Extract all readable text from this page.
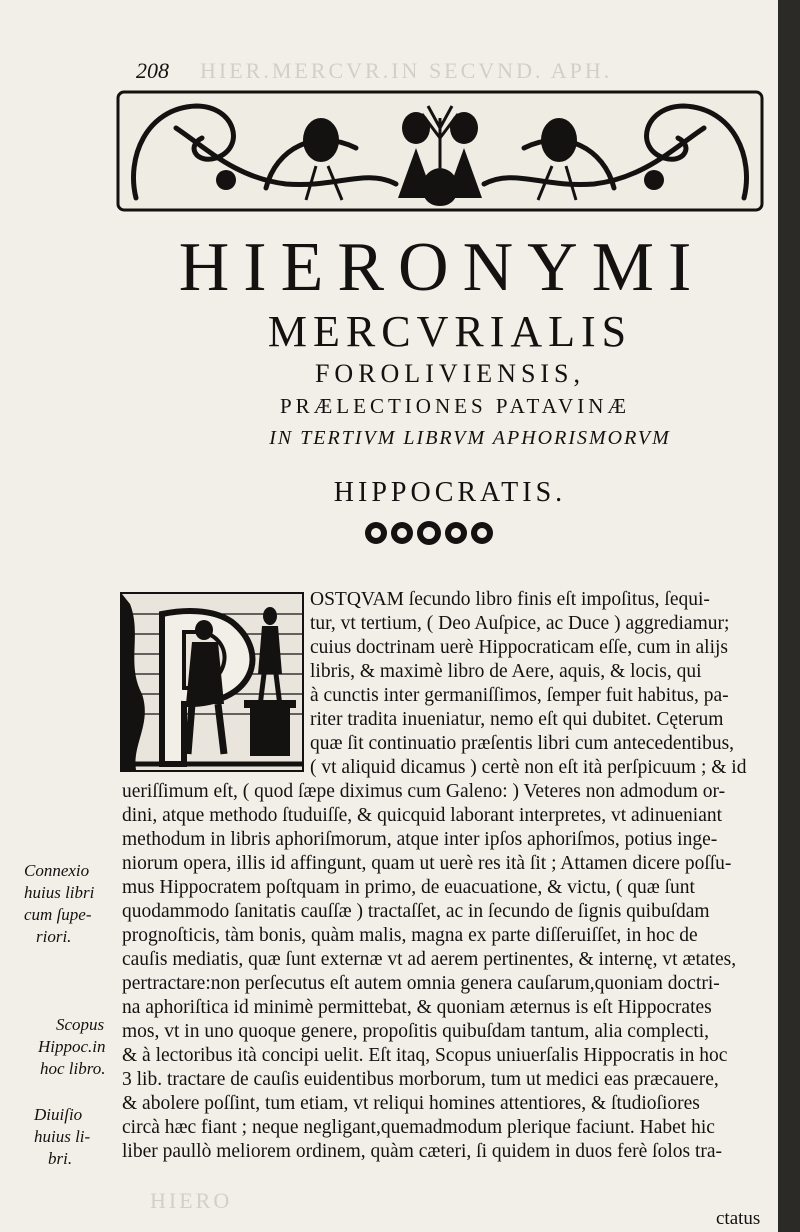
HIER.MERCVR.IN SECVND. APH.
HIERO
208
HIERONYMI
MERCVRIALIS
FOROLIVIENSIS,
PRÆLECTIONES PATAVINÆ
IN TERTIVM LIBRVM APHORISMORVM
HIPPOCRATIS.
OSTQVAM ſecundo libro finis eſt impoſitus, ſequi-
tur, vt tertium, ( Deo Auſpice, ac Duce ) aggrediamur;
cuius doctrinam uerè Hippocraticam eſſe, cum in alijs
libris, & maximè libro de Aere, aquis, & locis, qui
à cunctis inter germaniſſimos, ſemper fuit habitus, pa-
riter tradita inueniatur, nemo eſt qui dubitet. Cęterum
quæ ſit continuatio præſentis libri cum antecedentibus,
( vt aliquid dicamus ) certè non eſt ità perſpicuum ; & id
ueriſſimum eſt, ( quod ſæpe diximus cum Galeno: ) Veteres non admodum or-
dini, atque methodo ſtuduiſſe, & quicquid laborant interpretes, vt adinueniant
methodum in libris aphoriſmorum, atque inter ipſos aphoriſmos, potius inge-
niorum opera, illis id affingunt, quam ut uerè res ità ſit ; Attamen dicere poſſu-
mus Hippocratem poſtquam in primo, de euacuatione, & victu, ( quæ ſunt
quodammodo ſanitatis cauſſæ ) tractaſſet, ac in ſecundo de ſignis quibuſdam
prognoſticis, tàm bonis, quàm malis, magna ex parte diſſeruiſſet, in hoc de
cauſis mediatis, quæ ſunt externæ vt ad aerem pertinentes, & internę, vt ætates,
pertractare:non perſecutus eſt autem omnia genera cauſarum,quoniam doctri-
na aphoriſtica id minimè permittebat, & quoniam æternus is eſt Hippocrates
mos, vt in uno quoque genere, propoſitis quibuſdam tantum, alia complecti,
& à lectoribus ità concipi uelit. Eſt itaq, Scopus uniuerſalis Hippocratis in hoc
3 lib. tractare de cauſis euidentibus morborum, tum ut medici eas præcauere,
& abolere poſſint, tum etiam, vt reliqui homines attentiores, & ſtudioſiores
circà hæc fiant ; neque negligant,quemadmodum plerique faciunt. Habet hic
liber paullò meliorem ordinem, quàm cæteri, ſi quidem in duos ferè ſolos tra-
Connexio
huius libri
cum ſupe-
riori.
Scopus
Hippoc.in
hoc libro.
Diuiſio
huius li-
bri.
ctatus
